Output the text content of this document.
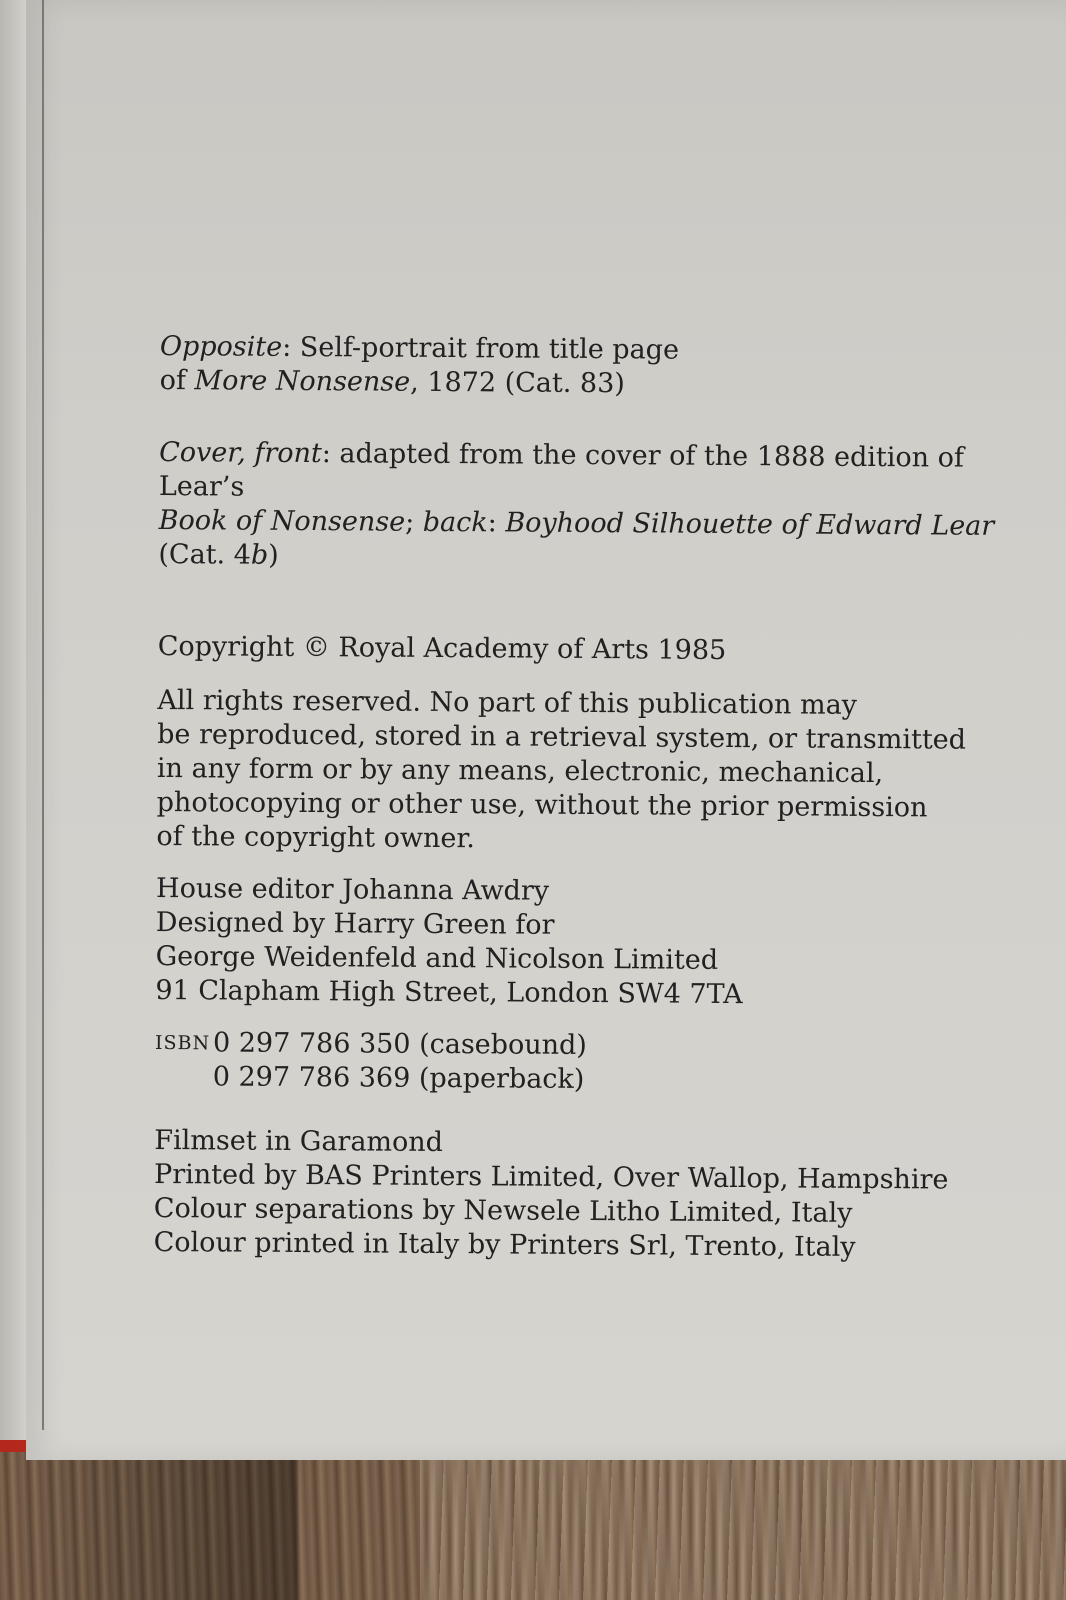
Opposite: Self-portrait from title page

of More Nonsense, 1872 (Cat. 83)

Cover, front: adapted from the cover of the 1888 edition of Lear’s

Book of Nonsense; back: Boyhood Silhouette of Edward Lear (Cat. 4b)

Copyright © Royal Academy of Arts 1985

All rights reserved. No part of this publication may

be reproduced, stored in a retrieval system, or transmitted

in any form or by any means, electronic, mechanical,

photocopying or other use, without the prior permission

of the copyright owner.

House editor Johanna Awdry

Designed by Harry Green for

George Weidenfeld and Nicolson Limited

91 Clapham High Street, London SW4 7TA

ISBN 0 297 786 350 (casebound)
0 297 786 369 (paperback)

Filmset in Garamond

Printed by BAS Printers Limited, Over Wallop, Hampshire

Colour separations by Newsele Litho Limited, Italy

Colour printed in Italy by Printers Srl, Trento, Italy
